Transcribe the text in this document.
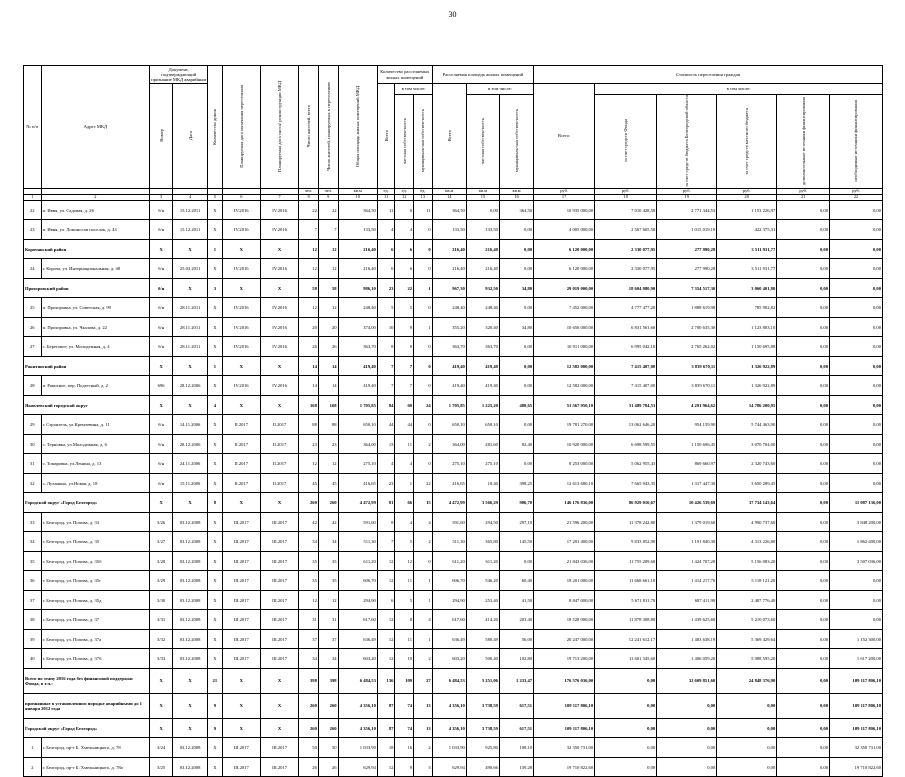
30
№ п/п	Адрес МКД	Документ, подтверждающий признание МКД аварийным		Количество домов	Планируемая дата окончания переселения	Планируемая дата сноса/ реконструкции МКД	Число жителей, всего	Число жителей, планируемых к переселению	Общая площадь жилых помещений МКД	Количество расселяемых жилых помещений			Расселяемая площадь жилых помещений			Стоимость переселения граждан					
		Номер	Дата							Всего	в том числе:		Всего	в том числе:		Всего:	в том числе:				
											частная собствен-ность	муниципаль-ная собствен-ность		частная собствен-ность	муниципаль-ная собствен-ность		за счет средств Фонда	за счет средств бюджета Белгородской области	за счет средств местного бюджета	дополнительные источники финансирования	необходимые источники финансирования
							чел.	чел.	кв.м	ед.	ед.	ед.	кв.м	кв.м	кв.м	руб.	руб.	руб.	руб.	руб.	руб.
1	2	3	4	5	6	7	8	9	10	11	12	13	14	15	16	17	18	19	20	21	22
22	п. Ивня, ул. Садовая, д. 26	б/н	15.12.2011	Х	IV.2016	IV.2016	22	22	364,50	11	0	11	364,50	0,00	364,50	10 935 000,00	7 010 428,50	2 771 344,53	1 153 226,97	0,00	0,00
23	п. Ивня, ул. Ломоносов поселок, д. 43	б/н	15.12.2011	Х	IV.2016	IV.2016	7	7	133,50	4	4	0	133,50	133,50	0,00	4 005 000,00	2 567 605,50	1 015 019,19	422 375,31	0,00	0,00
Корочанский район		Х	Х	1	Х	Х	12	12	216,40	6	6	0	216,40	216,40	0,00	6 120 000,00	2 330 077,95	277 990,28	3 511 931,77	0,00	0,00
24	г. Короча, ул. Интернациональная, д. 48	б/н	25.03.2011	Х	IV.2016	IV.2016	12	12	216,40	6	6	0	216,40	216,40	0,00	6 120 000,00	2 330 077,95	277 990,28	3 511 931,77	0,00	0,00
Прохоровский район		б/н	Х	3	Х	Х	58	58	986,10	23	22	1	967,30	932,50	34,80	29 019 000,00	18 604 080,90	7 354 517,30	3 060 401,80	0,00	0,00
25	п. Прохоровка, ул. Советская, д. 99	б/н	28.11.2011	Х	IV.2016	IV.2016	12	12	248,40	5	5	0	248,40	248,40	0,00	7 452 000,00	4 777 477,20	1 888 619,98	785 902,82	0,00	0,00
26	п. Прохоровка, ул. Чкалова, д. 22	б/н	28.11.2011	Х	IV.2016	IV.2016	20	20	374,00	10	9	1	355,20	320,40	34,80	10 656 000,00	6 831 561,60	2 700 635,30	1 123 803,10	0,00	0,00
27	с. Береговое, ул. Молодежная, д. 4	б/н	28.11.2011	Х	IV.2016	IV.2016	26	26	363,70	8	8	0	363,70	363,70	0,00	10 911 000,00	6 995 042,10	2 765 262,02	1 150 695,88	0,00	0,00
Ракитянский район		Х	Х	1	Х	Х	14	14	419,40	7	7	0	419,40	419,40	0,00	12 582 000,00	7 415 407,00	3 839 670,11	1 326 922,89	0,00	0,00
28	п. Ракитное, пер. Подгесный, д. 2	696	28.12.2006	Х	IV.2016	IV.2016	14	14	419,40	7	7	0	419,40	419,40	0,00	12 582 000,00	7 415 407,00	3 839 670,11	1 326 922,89	0,00	0,00
Яковлевский городской округ		Х	Х	4	Х	Х	168	168	1 705,85	84	60	24	1 705,85	1 225,20	480,65	51 567 950,10	31 489 784,53	4 291 964,62	14 786 200,95	0,00	0,00
29	г. Строитель, ул.Кремлевина, д. 11	б/н	14.11.2006	Х	II.2017	II.2017	88	88	650,10	44	44	0	650,10	650,10	0,00	19 781 270,00	13 062 646,20	954 159,90	5 744 463,90	0,00	0,00
30	с. Терновка, ул.Молодежная, д. 6	б/н	28.12.2006	Х	II.2017	II.2017	23	23	364,00	13	11	2	364,00	281,60	82,40	10 920 000,00	6 698 599,55	1 150 696,45	3 070 704,00	0,00	0,00
31	с. Томаровка, ул.Ленина, д. 13	б/н	24.11.2006	Х	II.2017	II.2017	12	12	275,10	4	4	0	275,10	275,10	0,00	8 253 000,00	5 062 955,43	869 660,97	2 320 743,60	0,00	0,00
32	с. Луханино, ул.Новая, д. 18	б/н	15.11.2006	Х	II.2017	II.2017	45	45	416,65	23	1	22	416,65	18,40	398,25	12 613 680,10	7 665 943,35	1 317 447,30	3 650 289,45	0,00	0,00
Городской округ «Город Белгород»		Х	Х	8	Х	Х	260	260	4 472,99	81	66	15	4 472,99	3 566,29	906,70	146 176 836,00	86 929 016,67	10 426 539,69	37 734 143,64	0,00	11 087 136,00
33	г. Белгород, ул. Попова, д. 33	3/26	03.12.2008	Х	III.2017	III.2017	42	42	591,60	8	4	4	591,60	294,50	297,10	21 596 200,00	11 378 242,80	1 379 019,60	4 990 737,60	0,00	3 848 200,00
34	г. Белгород, ул. Попова, д. 35	3/27	03.12.2008	Х	III.2017	III.2017	34	34	511,30	7	5	2	511,30	365,80	145,50	17 201 400,00	9 833 852,90	1 191 840,30	4 313 226,80	0,00	1 862 400,00
35	г. Белгород, ул. Попова, д. 35б	3/28	03.12.2008	Х	III.2017	III.2017	35	35	611,20	12	12	0	611,20	611,20	0,00	21 843 036,00	11 755 209,60	1 424 707,20	5 156 083,20	0,00	3 507 036,00
36	г. Белгород, ул. Попова, д. 35г	3/29	03.12.2008	Х	III.2017	III.2017	35	35	606,70	12	11	1	606,70	546,20	60,40	18 201 000,00	11 668 661,10	1 414 217,70	5 118 121,20	0,00	0,00
37	г. Белгород, ул. Попова, д. 35д	3/30	03.12.2008	Х	III.2017	III.2017	12	12	294,90	6	5	1	294,90	253,40	41,50	8 847 000,00	5 671 811,70	687 411,90	2 487 776,40	0,00	0,00
38	г. Белгород, ул. Попова, д. 37	3/31	03.12.2008	Х	III.2017	III.2017	31	31	617,60	12	8	4	617,60	414,20	203,40	18 528 000,00	11 878 308,80	1 439 625,60	5 210 073,60	0,00	0,00
39	г. Белгород, ул. Попова, д. 37а	3/32	03.12.2008	Х	III.2017	III.2017	37	37	636,49	12	11	1	636,49	580,49	56,00	20 247 000,00	12 241 612,17	1 483 638,19	5 369 429,64	0,00	1 152 300,00
40	г. Белгород, ул. Попова, д. 37б	3/33	03.12.2008	Х	III.2017	III.2017	34	34	603,20	12	10	2	603,20	500,40	102,80	19 713 200,00	11 601 345,60	1 406 059,20	5 088 595,20	0,00	1 617 200,00
Всего по этапу 2016 года без финансовой поддержки Фонда, в т.ч.:		Х	Х	21	Х	Х	398	398	6 484,53	136	109	27	6 484,53	5 251,06	1 233,47	176 576 036,00	0,00	32 609 851,60	24 848 376,90	0,00	109 117 806,10
признанные в установленном порядке аварийными до 1 января 2012 года		Х	Х	9	Х	Х	260	260	4 356,10	87	74	13	4 356,10	3 738,59	617,51	109 117 806,10	0,00	0,00	0,00	0,00	109 117 806,10
Городской округ «Город Белгород»		Х	Х	9	Х	Х	260	260	4 356,10	87	74	13	4 356,10	3 738,59	617,51	109 117 806,10	0,00	0,00	0,00	0,00	109 117 806,10
1	г. Белгород, пр-т Б. Хмельницкого, д. 78	3/24	03.12.2008	Х	III.2017	III.2017	50	50	1 033,90	18	16	2	1 033,90	925,80	108,10	32 350 731,00	0,00	0,00	0,00	0,00	32 350 731,00
2	г. Белгород, пр-т Б. Хмельницкого, д. 78а	3/25	03.12.2008	Х	III.2017	III.2017	26	26	629,94	12	9	3	629,94	490,66	139,28	19 710 822,60	0,00	0,00	0,00	0,00	19 710 822,60
